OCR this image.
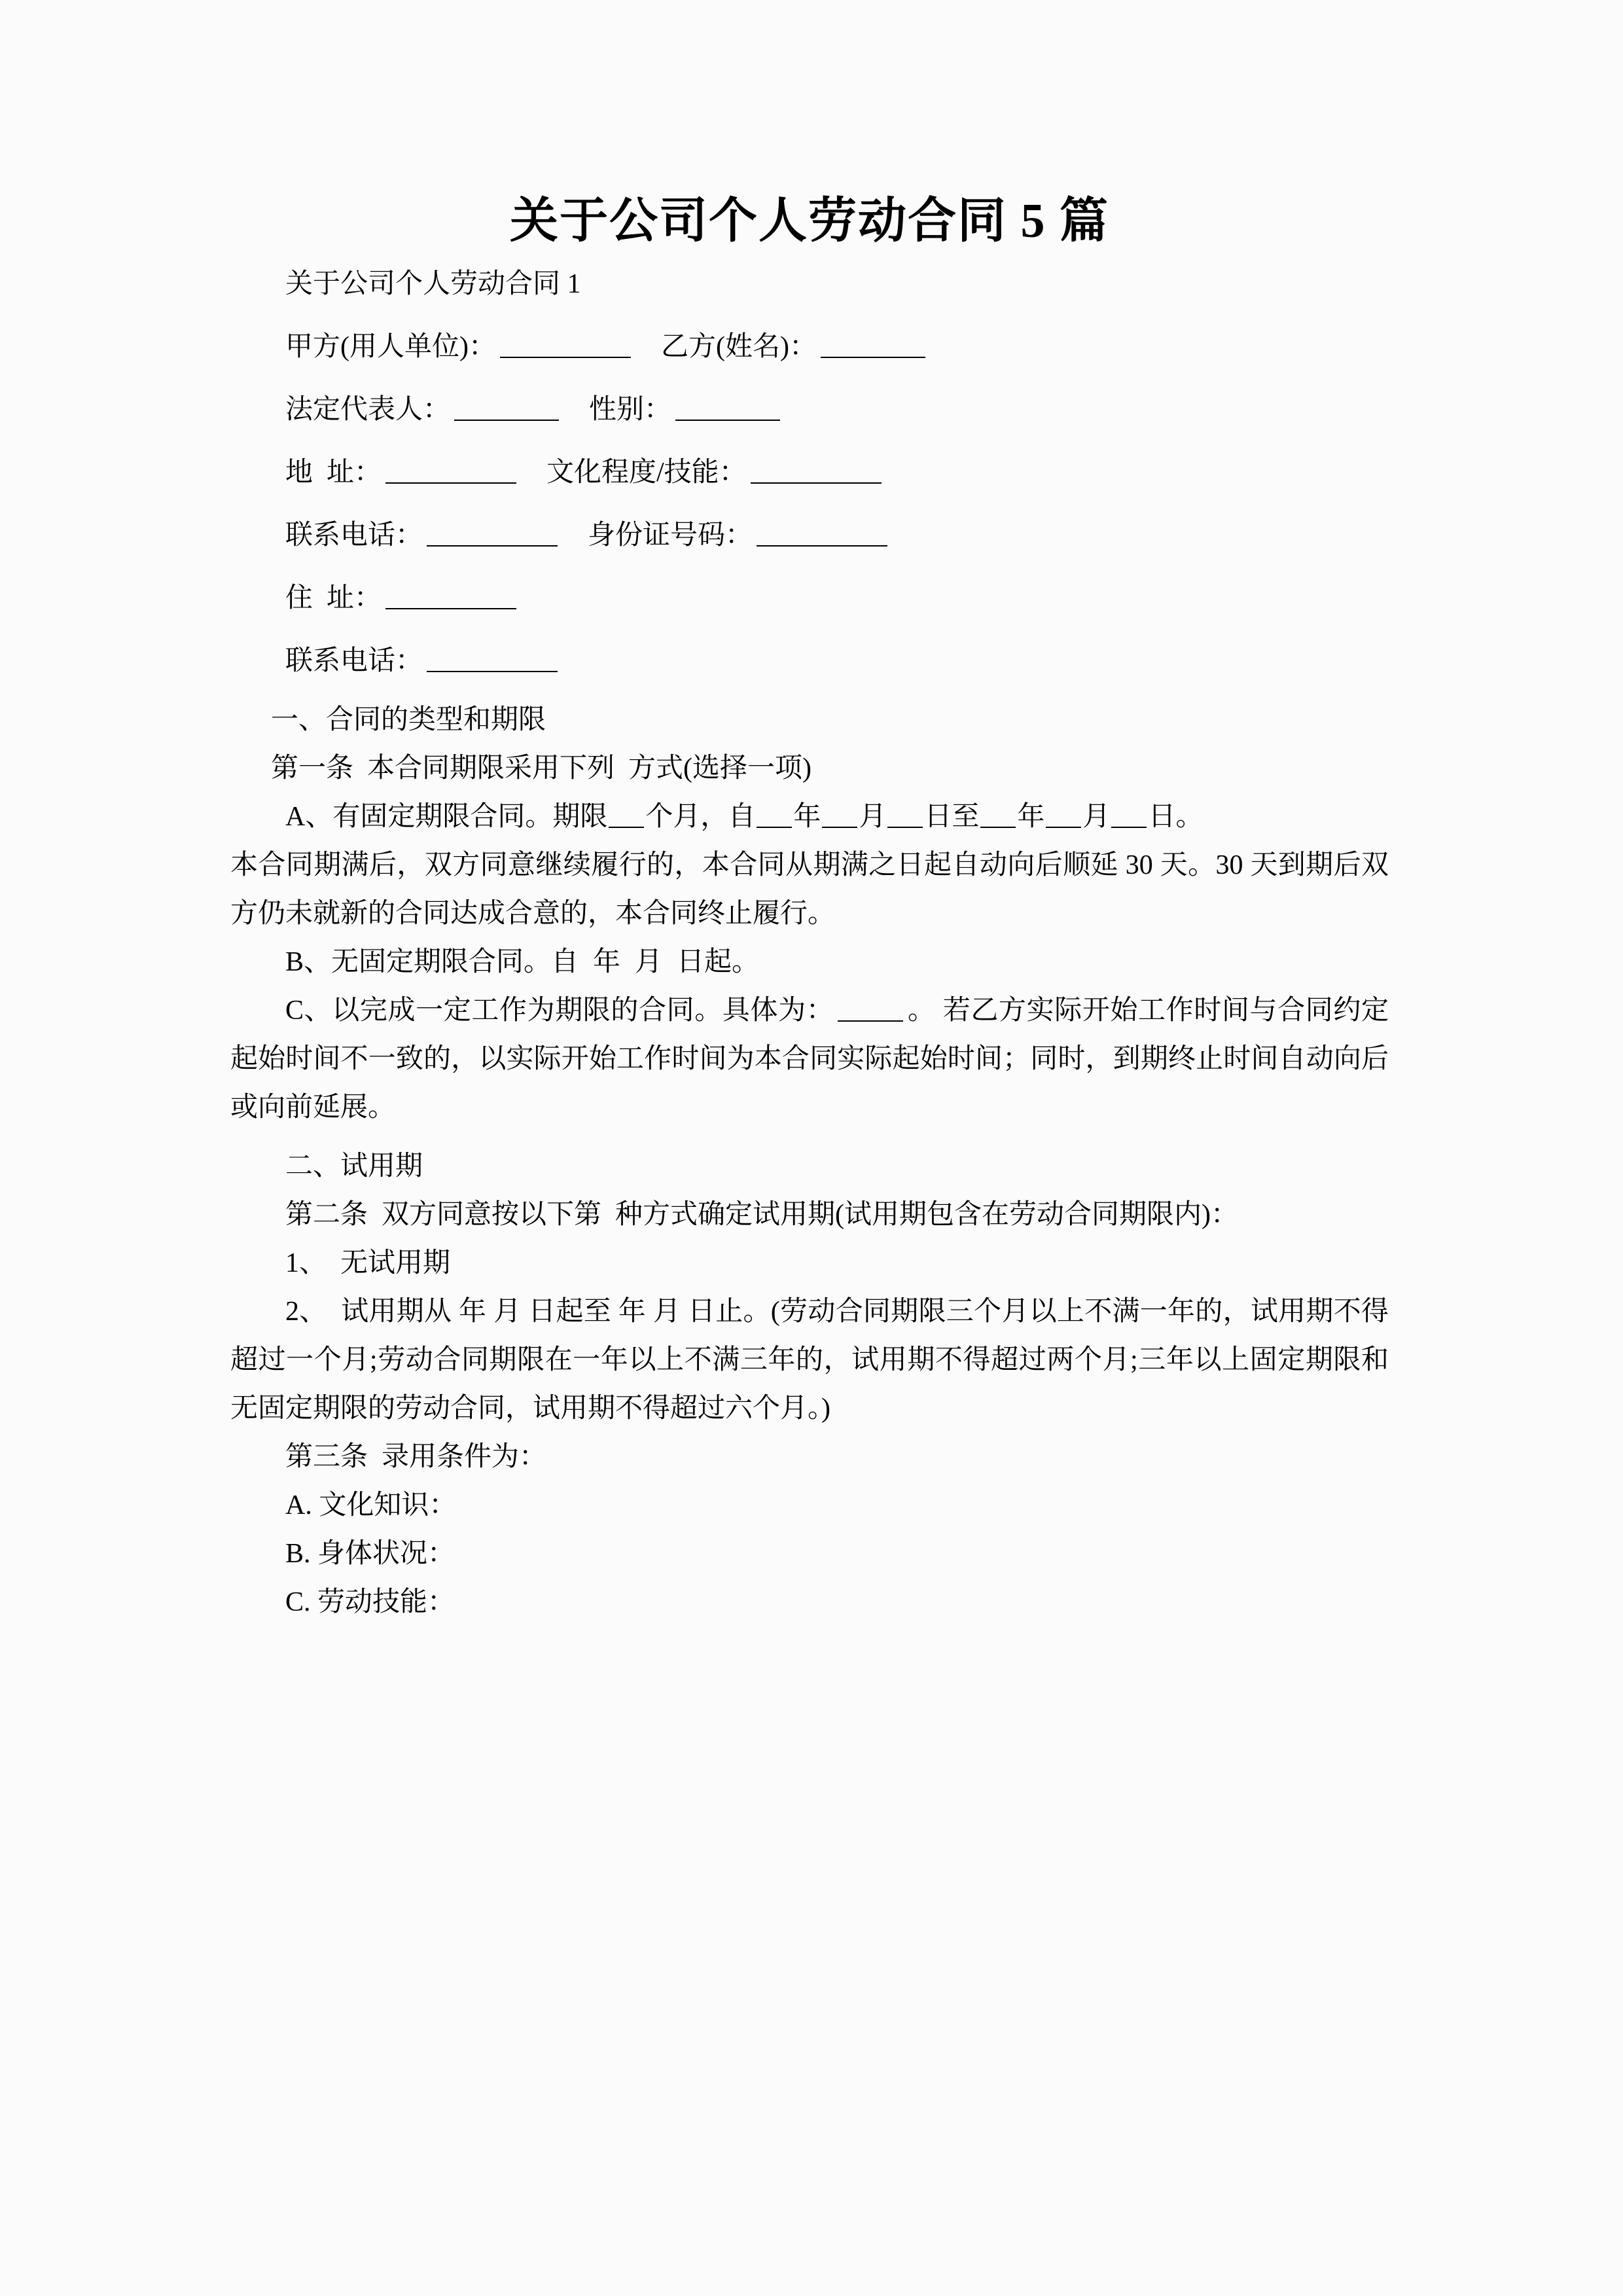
关于公司个人劳动合同 5 篇

关于公司个人劳动合同 1

甲方(用人单位)：	乙方(姓名)：

法定代表人：	性别：

地  址：	文化程度/技能：

联系电话：	身份证号码：

住  址：

联系电话：

一、合同的类型和期限

第一条  本合同期限采用下列  方式(选择一项)

A、有固定期限合同。期限 个月，自 年 月 日至 年 月 日。

本合同期满后，双方同意继续履行的，本合同从期满之日起自动向后顺延 30 天。30 天到期后双方仍未就新的合同达成合意的，本合同终止履行。

B、无固定期限合同。自 年 月 日起。

C、以完成一定工作为期限的合同。具体为：	。 若乙方实际开始工作时间与合同约定起始时间不一致的，以实际开始工作时间为本合同实际起始时间；同时，到期终止时间自动向后或向前延展。

二、试用期

第二条  双方同意按以下第  种方式确定试用期(试用期包含在劳动合同期限内)：

1、  无试用期

2、  试用期从 年 月 日起至 年 月 日止。(劳动合同期限三个月以上不满一年的，试用期不得超过一个月;劳动合同期限在一年以上不满三年的，试用期不得超过两个月;三年以上固定期限和无固定期限的劳动合同，试用期不得超过六个月。)

第三条  录用条件为：

A. 文化知识：

B. 身体状况：

C. 劳动技能：
